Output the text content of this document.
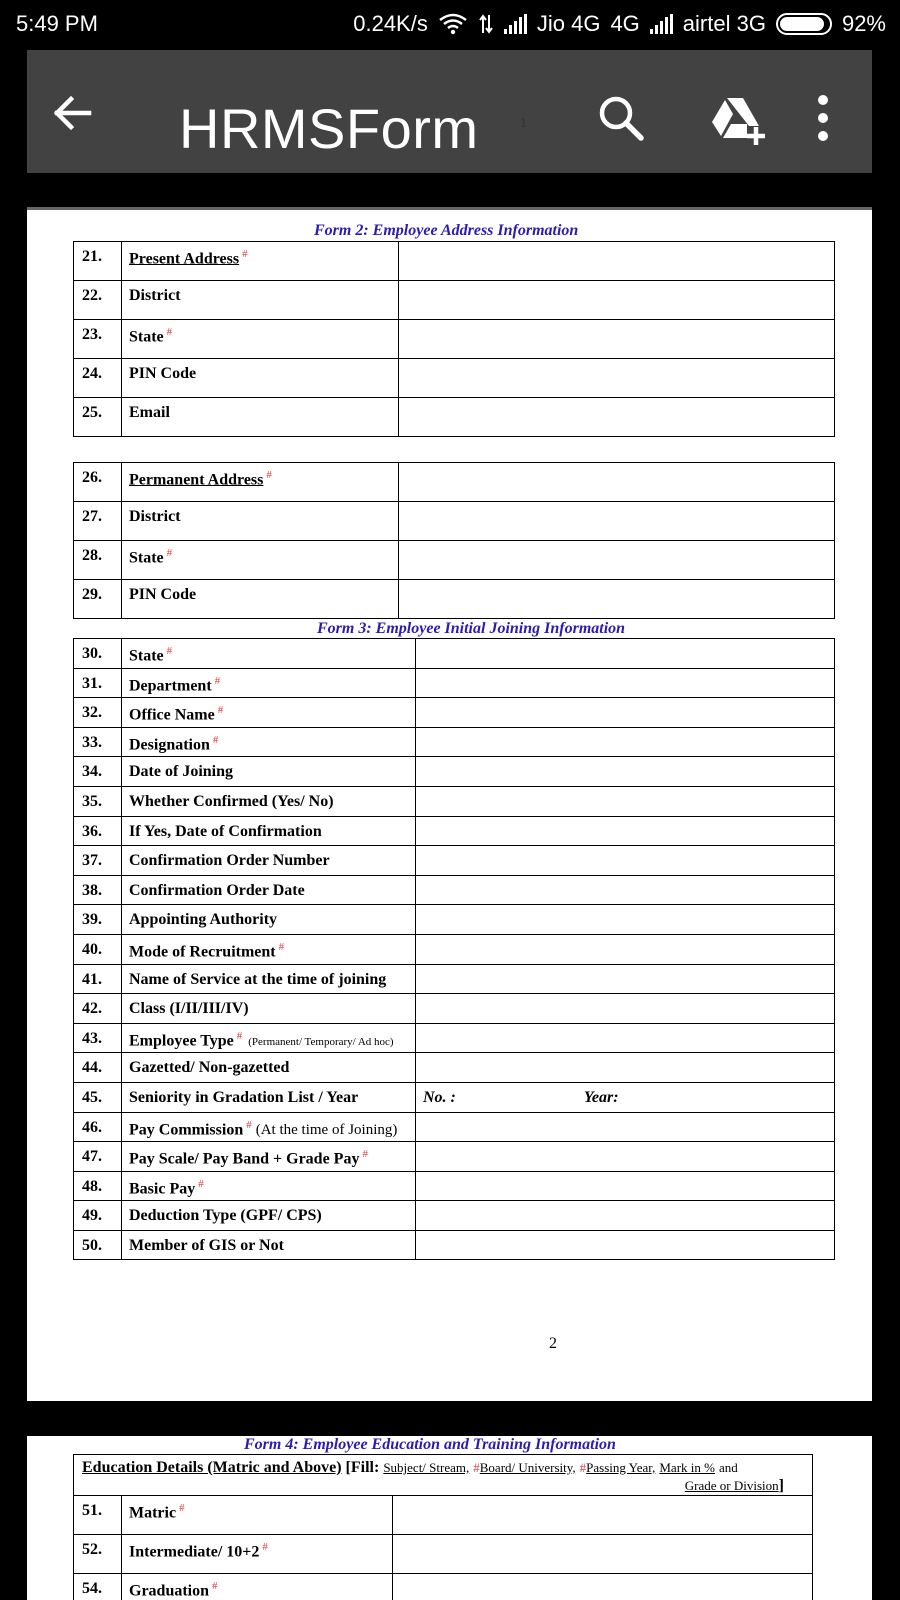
5:49 PM	0.24K/s	Jio 4G 4G airtel 3G	92%
HRMSForm	1
Form 2: Employee Address Information
21.	Present Address #	
22.	District	
23.	State #	
24.	PIN Code	
25.	Email	
26.	Permanent Address #	
27.	District	
28.	State #	
29.	PIN Code	
Form 3: Employee Initial Joining Information
30.	State #	
31.	Department #	
32.	Office Name #	
33.	Designation #	
34.	Date of Joining	
35.	Whether Confirmed (Yes/ No)	
36.	If Yes, Date of Confirmation	
37.	Confirmation Order Number	
38.	Confirmation Order Date	
39.	Appointing Authority	
40.	Mode of Recruitment #	
41.	Name of Service at the time of joining	
42.	Class (I/II/III/IV)	
43.	Employee Type #(Permanent/ Temporary/ Ad hoc)	
44.	Gazetted/ Non-gazetted	
45.	Seniority in Gradation List / Year	No. : Year:
46.	Pay Commission # (At the time of Joining)	
47.	Pay Scale/ Pay Band + Grade Pay #	
48.	Basic Pay #	
49.	Deduction Type (GPF/ CPS)	
50.	Member of GIS or Not	
2
Form 4: Employee Education and Training Information
Education Details (Matric and Above) [Fill: Subject/ Stream, #Board/ University, #Passing Year, Mark in % and
Grade or Division]		

51.	Matric #	
52.	Intermediate/ 10+2 #	
54.	Graduation #	
